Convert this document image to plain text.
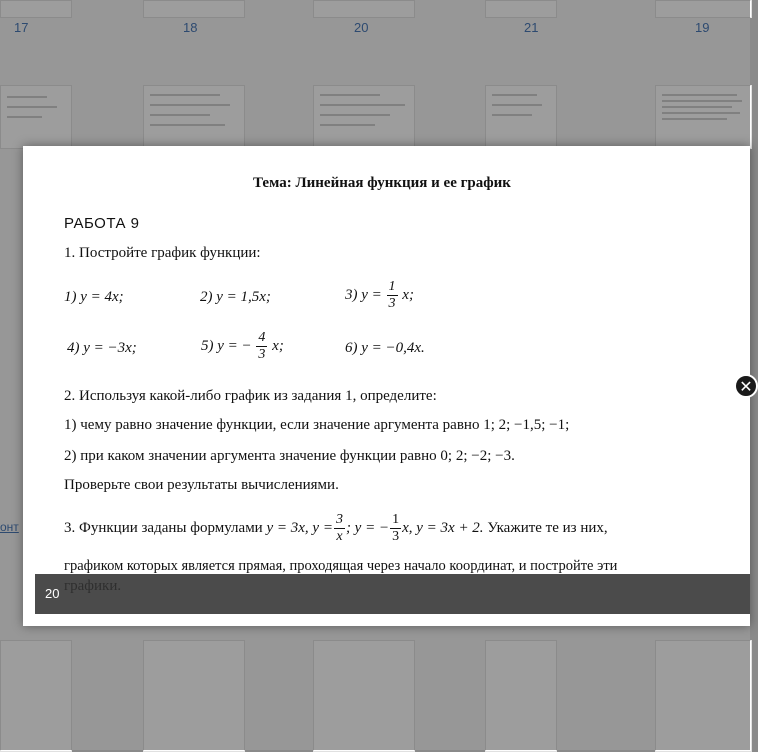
17	18	20	21	19
онт
Тема: Линейная функция и ее график
РАБОТА 9
1. Постройте график функции:
1) y = 4x;	2) y = 1,5x;	3) $y = \frac{1}{3} x$;
4) y = −3x;	5) y = − $\frac{4}{3} x$;	6) y = −0,4x.
2. Используя какой-либо график из задания 1, определите:
1) чему равно значение функции, если значение аргумента равно 1; 2; −1,5; −1;
2) при каком значении аргумента значение функции равно 0; 2; −2; −3.
Проверьте свои результаты вычислениями.
3. Функции заданы формулами y = 3x, $y = \frac{3}{x}$ ; y = − $\frac{1}{3} x$, y = 3x + 2. Укажите те из них,
графиком которых является прямая, проходящая через начало координат, и постройте эти
20
✕
